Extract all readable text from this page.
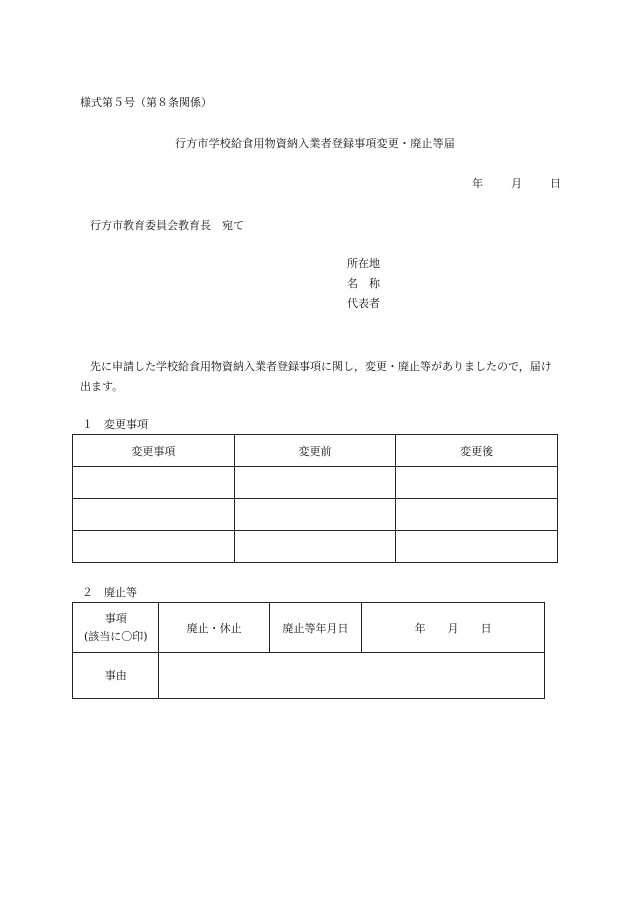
様式第５号（第８条関係）
行方市学校給食用物資納入業者登録事項変更・廃止等届
年	月	日
行方市教育委員会教育長　宛て
所在地
名　称
代表者
先に申請した学校給食用物資納入業者登録事項に関し，変更・廃止等がありましたので，届け出ます。
１　変更事項
変更事項	変更前	変更後

２　廃止等
事項
(該当に〇印)	廃止・休止	廃止等年月日	年 月 日
事由			
